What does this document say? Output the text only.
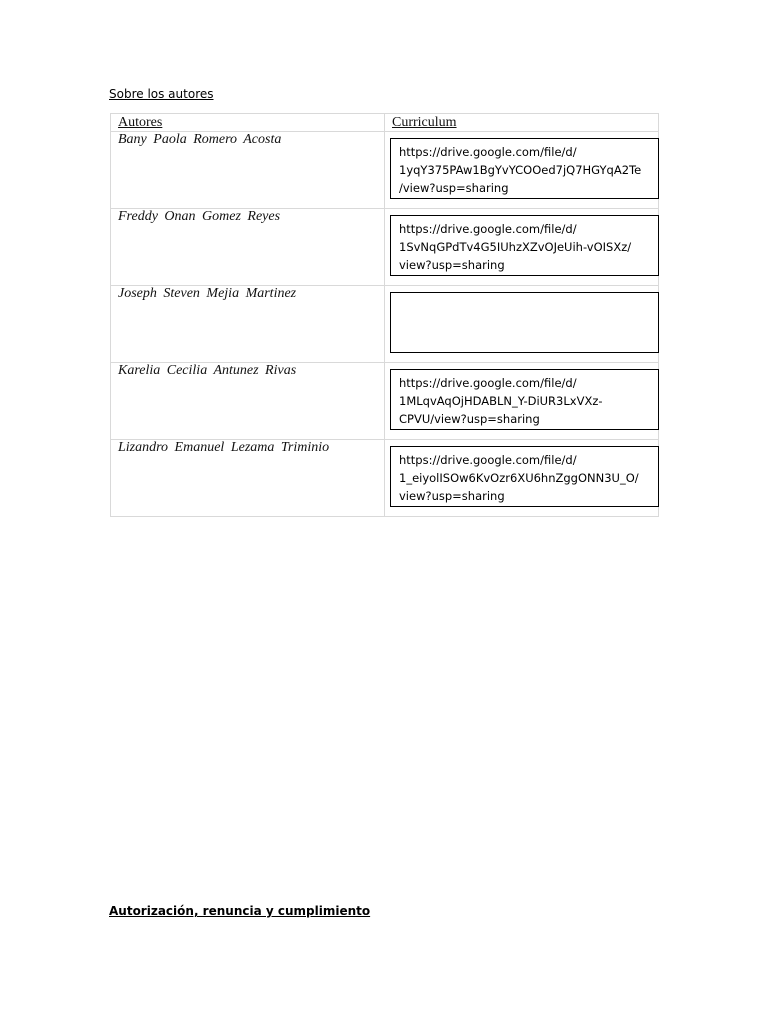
Sobre los autores
Autores	Curriculum
Bany Paola Romero Acosta	https://drive.google.com/file/d/
1yqY375PAw1BgYvYCOOed7jQ7HGYqA2Te
/view?usp=sharing

Freddy Onan Gomez Reyes	https://drive.google.com/file/d/
1SvNqGPdTv4G5IUhzXZvOJeUih-vOISXz/
view?usp=sharing

Joseph Steven Mejia Martinez	

Karelia Cecilia Antunez Rivas	https://drive.google.com/file/d/
1MLqvAqOjHDABLN_Y-DiUR3LxVXz-
CPVU/view?usp=sharing

Lizandro Emanuel Lezama Triminio	https://drive.google.com/file/d/
1_eiyolISOw6KvOzr6XU6hnZggONN3U_O/
view?usp=sharing
Autorización, renuncia y cumplimiento
